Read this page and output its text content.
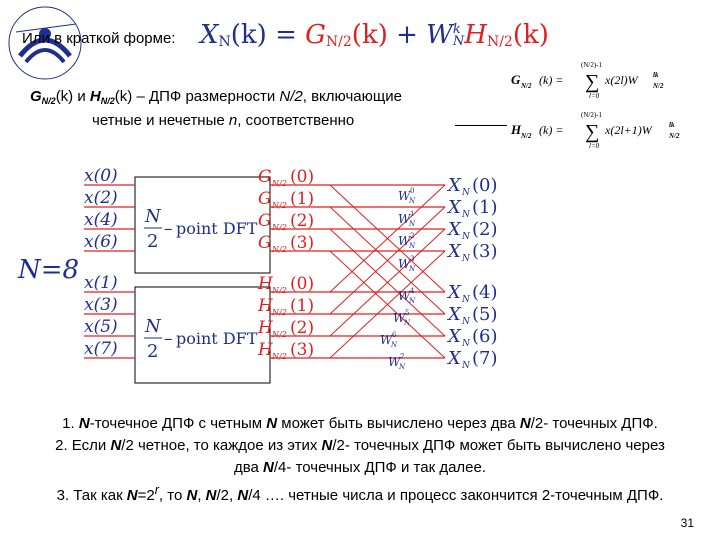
Или в краткой форме: $X_N(k) = G_{N/2}(k) + W$ k
N $H_{N/2}(k)$
$G_{N/2}(k)$ и $H_{N/2}(k)$ – ДПФ размерности N/2, включающие
четные и нечетные n, соответственно
G N/2 (k) =
(N/2)-1
∑
l=0
x(2l)W lk
N/2
H N/2 (k) =
(N/2)-1
∑
l=0
x(2l+1)W lk
N/2
N=8
N
2
– point DFT
N
2
– point DFT
x(0)
x(2)
x(4)
x(6)
x(1)
x(3)
x(5)
x(7)
G N/2 (0)
G N/2 (1)
G N/2 (2)
G N/2 (3)
H N/2 (0)
H N/2 (1)
H N/2 (2)
H N/2 (3)
W 0
N
W 1
N
W 2
N
W 3
N
W 4
N
W 5
N
W 6
N
W 7
N
X N (0)
X N (1)
X N (2)
X N (3)
X N (4)
X N (5)
X N (6)
X N (7)

1. N-точечное ДПФ с четным N может быть вычислено через два N/2- точечных ДПФ.

2. Если N/2 четное, то каждое из этих N/2- точечных ДПФ может быть вычислено через

два N/4- точечных ДПФ и так далее.

3. Так как $N=2^r$, то N, N/2, N/4 …. четные числа и процесс закончится 2-точечным ДПФ.

31
